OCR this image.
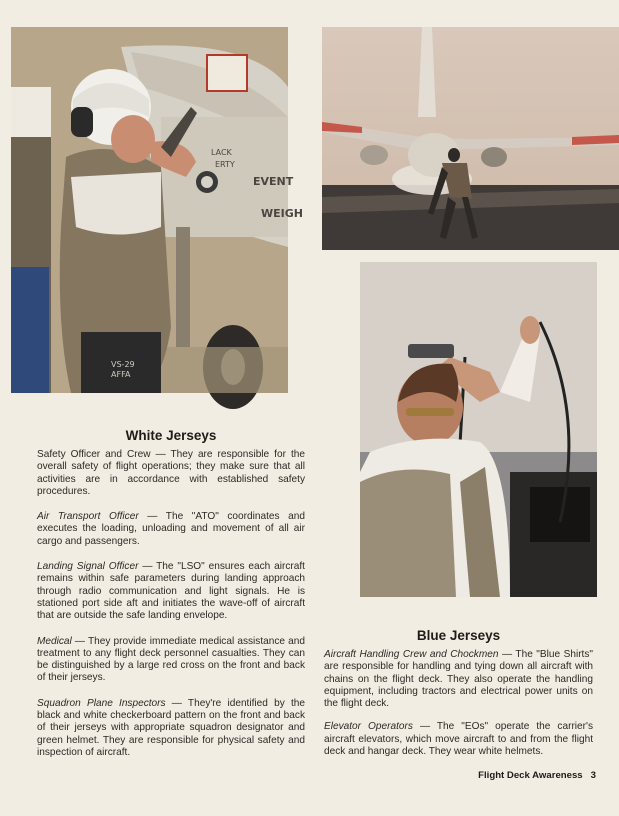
EVENT
WEIGH
LACK
ERTY
VS-29
AFFA
White Jerseys

Safety Officer and Crew — They are responsible for the overall safety of flight operations; they make sure that all activities are in accordance with established safety procedures.

Air Transport Officer — The "ATO" coordinates and executes the loading, unloading and movement of all air cargo and passengers.

Landing Signal Officer — The "LSO" ensures each aircraft remains within safe parameters during landing approach through radio communication and light signals. He is stationed port side aft and initiates the wave-off of aircraft that are outside the safe landing envelope.

Medical — They provide immediate medical assistance and treatment to any flight deck personnel casualties. They can be distinguished by a large red cross on the front and back of their jerseys.

Squadron Plane Inspectors — They're identified by the black and white checkerboard pattern on the front and back of their jerseys with appropriate squadron designator and green helmet. They are responsible for physical safety and inspection of aircraft.

Blue Jerseys

Aircraft Handling Crew and Chockmen — The "Blue Shirts" are responsible for handling and tying down all aircraft with chains on the flight deck. They also operate the handling equipment, including tractors and electrical power units on the flight deck.

Elevator Operators — The "EOs" operate the carrier's aircraft elevators, which move aircraft to and from the flight deck and hangar deck. They wear white helmets.

Flight Deck Awareness 3
